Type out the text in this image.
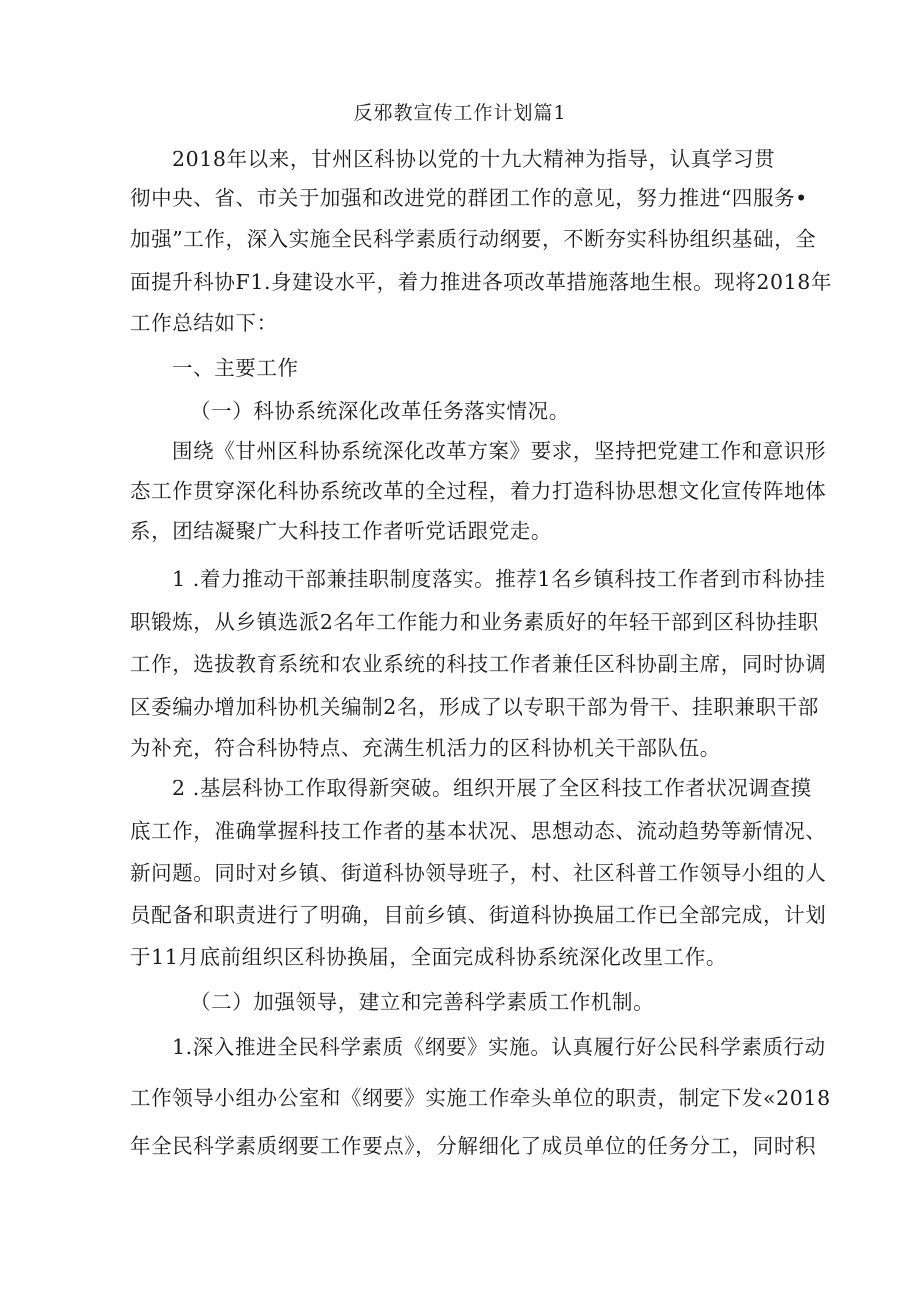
反邪教宣传工作计划篇1
2018年以来，甘州区科协以党的十九大精神为指导，认真学习贯
彻中央、省、市关于加强和改进党的群团工作的意见，努力推进“四服务•
加强”工作，深入实施全民科学素质行动纲要，不断夯实科协组织基础，全
面提升科协F1.身建设水平，着力推进各项改革措施落地生根。现将2018年
工作总结如下：
一、主要工作
（一）科协系统深化改革任务落实情况。
围绕《甘州区科协系统深化改革方案》要求，坚持把党建工作和意识形
态工作贯穿深化科协系统改革的全过程，着力打造科协思想文化宣传阵地体
系，团结凝聚广大科技工作者听党话跟党走。
1 .着力推动干部兼挂职制度落实。推荐1名乡镇科技工作者到市科协挂
职锻炼，从乡镇选派2名年工作能力和业务素质好的年轻干部到区科协挂职
工作，选拔教育系统和农业系统的科技工作者兼任区科协副主席，同时协调
区委编办增加科协机关编制2名，形成了以专职干部为骨干、挂职兼职干部
为补充，符合科协特点、充满生机活力的区科协机关干部队伍。
2 .基层科协工作取得新突破。组织开展了全区科技工作者状况调查摸
底工作，准确掌握科技工作者的基本状况、思想动态、流动趋势等新情况、
新问题。同时对乡镇、街道科协领导班子，村、社区科普工作领导小组的人
员配备和职责进行了明确，目前乡镇、街道科协换届工作已全部完成，计划
于11月底前组织区科协换届，全面完成科协系统深化改里工作。
（二）加强领导，建立和完善科学素质工作机制。
1.深入推进全民科学素质《纲要》实施。认真履行好公民科学素质行动
工作领导小组办公室和《纲要》实施工作牵头单位的职责，制定下发«2018
年全民科学素质纲要工作要点》，分解细化了成员单位的任务分工，同时积
